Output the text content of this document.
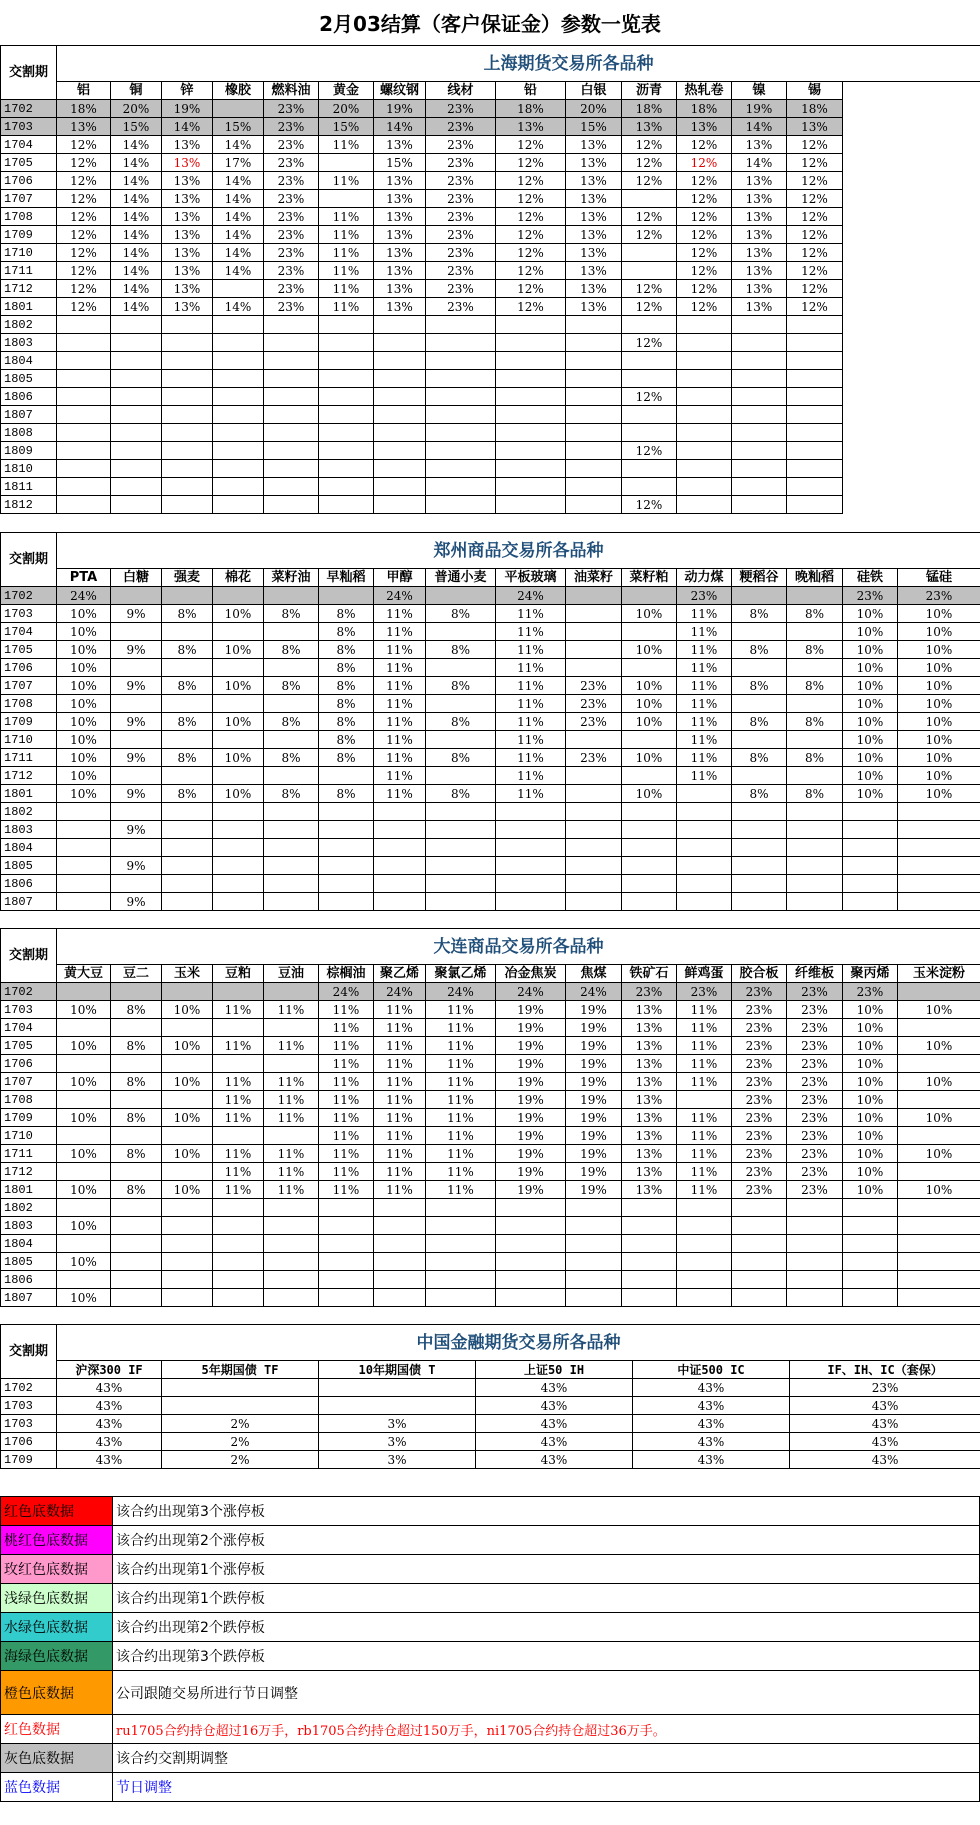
2月03结算（客户保证金）参数一览表
交割期	上海期货交易所各品种														
	铝	铜	锌	橡胶	燃料油	黄金	螺纹钢	线材	铅	白银	沥青	热轧卷	镍	锡	
1702	18%	20%	19%		23%	20%	19%	23%	18%	20%	18%	18%	19%	18%	
1703	13%	15%	14%	15%	23%	15%	14%	23%	13%	15%	13%	13%	14%	13%	
1704	12%	14%	13%	14%	23%	11%	13%	23%	12%	13%	12%	12%	13%	12%	
1705	12%	14%	13%	17%	23%		15%	23%	12%	13%	12%	12%	14%	12%	
1706	12%	14%	13%	14%	23%	11%	13%	23%	12%	13%	12%	12%	13%	12%	
1707	12%	14%	13%	14%	23%		13%	23%	12%	13%		12%	13%	12%	
1708	12%	14%	13%	14%	23%	11%	13%	23%	12%	13%	12%	12%	13%	12%	
1709	12%	14%	13%	14%	23%	11%	13%	23%	12%	13%	12%	12%	13%	12%	
1710	12%	14%	13%	14%	23%	11%	13%	23%	12%	13%		12%	13%	12%	
1711	12%	14%	13%	14%	23%	11%	13%	23%	12%	13%		12%	13%	12%	
1712	12%	14%	13%		23%	11%	13%	23%	12%	13%	12%	12%	13%	12%	
1801	12%	14%	13%	14%	23%	11%	13%	23%	12%	13%	12%	12%	13%	12%	
1802															
1803											12%				
1804															
1805															
1806											12%				
1807															
1808															
1809											12%				
1810															
1811															
1812											12%				
交割期	郑州商品交易所各品种															
	PTA	白糖	强麦	棉花	菜籽油	早籼稻	甲醇	普通小麦	平板玻璃	油菜籽	菜籽粕	动力煤	粳稻谷	晚籼稻	硅铁	锰硅
1702	24%						24%		24%			23%			23%	23%
1703	10%	9%	8%	10%	8%	8%	11%	8%	11%		10%	11%	8%	8%	10%	10%
1704	10%					8%	11%		11%			11%			10%	10%
1705	10%	9%	8%	10%	8%	8%	11%	8%	11%		10%	11%	8%	8%	10%	10%
1706	10%					8%	11%		11%			11%			10%	10%
1707	10%	9%	8%	10%	8%	8%	11%	8%	11%	23%	10%	11%	8%	8%	10%	10%
1708	10%					8%	11%		11%	23%	10%	11%			10%	10%
1709	10%	9%	8%	10%	8%	8%	11%	8%	11%	23%	10%	11%	8%	8%	10%	10%
1710	10%					8%	11%		11%			11%			10%	10%
1711	10%	9%	8%	10%	8%	8%	11%	8%	11%	23%	10%	11%	8%	8%	10%	10%
1712	10%						11%		11%			11%			10%	10%
1801	10%	9%	8%	10%	8%	8%	11%	8%	11%		10%		8%	8%	10%	10%
1802																
1803		9%														
1804																
1805		9%														
1806																
1807		9%														
交割期	大连商品交易所各品种															
	黄大豆	豆二	玉米	豆粕	豆油	棕榈油	聚乙烯	聚氯乙烯	冶金焦炭	焦煤	铁矿石	鲜鸡蛋	胶合板	纤维板	聚丙烯	玉米淀粉
1702						24%	24%	24%	24%	24%	23%	23%	23%	23%	23%	
1703	10%	8%	10%	11%	11%	11%	11%	11%	19%	19%	13%	11%	23%	23%	10%	10%
1704						11%	11%	11%	19%	19%	13%	11%	23%	23%	10%	
1705	10%	8%	10%	11%	11%	11%	11%	11%	19%	19%	13%	11%	23%	23%	10%	10%
1706						11%	11%	11%	19%	19%	13%	11%	23%	23%	10%	
1707	10%	8%	10%	11%	11%	11%	11%	11%	19%	19%	13%	11%	23%	23%	10%	10%
1708				11%	11%	11%	11%	11%	19%	19%	13%		23%	23%	10%	
1709	10%	8%	10%	11%	11%	11%	11%	11%	19%	19%	13%	11%	23%	23%	10%	10%
1710						11%	11%	11%	19%	19%	13%	11%	23%	23%	10%	
1711	10%	8%	10%	11%	11%	11%	11%	11%	19%	19%	13%	11%	23%	23%	10%	10%
1712				11%	11%	11%	11%	11%	19%	19%	13%	11%	23%	23%	10%	
1801	10%	8%	10%	11%	11%	11%	11%	11%	19%	19%	13%	11%	23%	23%	10%	10%
1802																
1803	10%															
1804																
1805	10%															
1806																
1807	10%															
交割期	中国金融期货交易所各品种					
	沪深300 IF	5年期国债 TF	10年期国债 T	上证50 IH	中证500 IC	IF、IH、IC（套保）
1702	43%			43%	43%	23%
1703	43%			43%	43%	43%
1703	43%	2%	3%	43%	43%	43%
1706	43%	2%	3%	43%	43%	43%
1709	43%	2%	3%	43%	43%	43%
红色底数据	该合约出现第3个涨停板
桃红色底数据	该合约出现第2个涨停板
玫红色底数据	该合约出现第1个涨停板
浅绿色底数据	该合约出现第1个跌停板
水绿色底数据	该合约出现第2个跌停板
海绿色底数据	该合约出现第3个跌停板
橙色底数据	公司跟随交易所进行节日调整
红色数据	ru1705合约持仓超过16万手，rb1705合约持仓超过150万手，ni1705合约持仓超过36万手。
灰色底数据	该合约交割期调整
蓝色数据	节日调整
